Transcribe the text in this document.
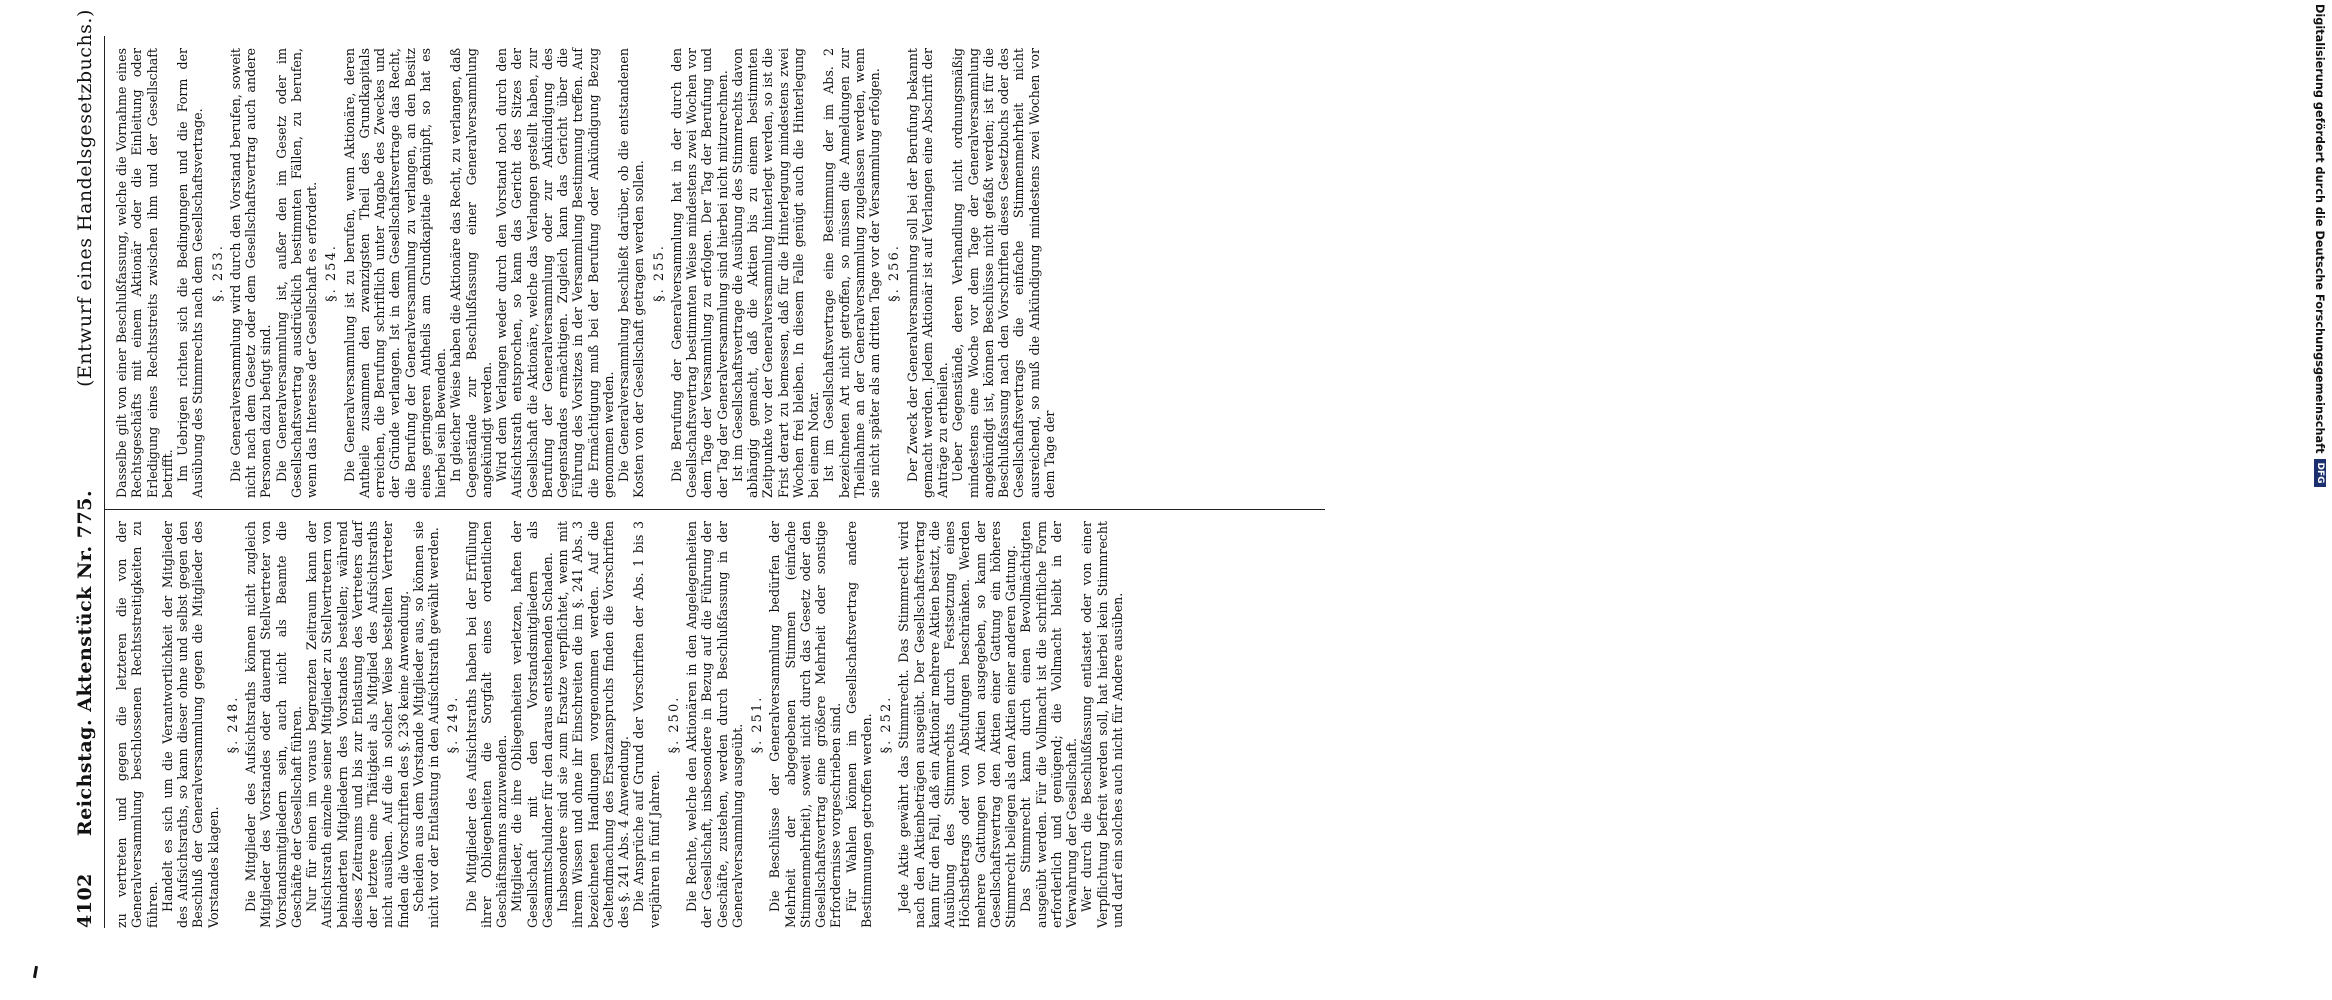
4102
Reichstag. Aktenstück Nr. 775.
(Entwurf eines Handelsgesetzbuchs.)

zu vertreten und gegen die letzteren die von der Generalversammlung beschlossenen Rechtsstreitigkeiten zu führen. Handelt es sich um die Verantwortlichkeit der Mitglieder des Aufsichtsraths, so kann dieser ohne und selbst gegen den Beschluß der Generalversammlung gegen die Mitglieder des Vorstandes klagen.

§. 248. Die Mitglieder des Aufsichtsraths können nicht zugleich Mitglieder des Vorstandes oder dauernd Stellvertreter von Vorstandsmitgliedern sein, auch nicht als Beamte die Geschäfte der Gesellschaft führen. Nur für einen im voraus begrenzten Zeitraum kann der Aufsichtsrath einzelne seiner Mitglieder zu Stellvertretern von behinderten Mitgliedern des Vorstandes bestellen; während dieses Zeitraums und bis zur Entlastung des Vertreters darf der letztere eine Thätigkeit als Mitglied des Aufsichtsraths nicht ausüben. Auf die in solcher Weise bestellten Vertreter finden die Vorschriften des §. 236 keine Anwendung. Scheiden aus dem Vorstande Mitglieder aus, so können sie nicht vor der Entlastung in den Aufsichtsrath gewählt werden. §. 249. Die Mitglieder des Aufsichtsraths haben bei der Erfüllung ihrer Obliegenheiten die Sorgfalt eines ordentlichen Geschäftsmanns anzuwenden. Mitglieder, die ihre Obliegenheiten verletzen, haften der Gesellschaft mit den Vorstandsmitgliedern als Gesammtschuldner für den daraus entstehenden Schaden. Insbesondere sind sie zum Ersatze verpflichtet, wenn mit ihrem Wissen und ohne ihr Einschreiten die im §. 241 Abs. 3 bezeichneten Handlungen vorgenommen werden. Auf die Geltendmachung des Ersatzanspruchs finden die Vorschriften des §. 241 Abs. 4 Anwendung. Die Ansprüche auf Grund der Vorschriften der Abs. 1 bis 3 verjähren in fünf Jahren.

§. 250. Die Rechte, welche den Aktionären in den Angelegenheiten der Gesellschaft, insbesondere in Bezug auf die Führung der Geschäfte, zustehen, werden durch Beschlußfassung in der Generalversammlung ausgeübt. §. 251. Die Beschlüsse der Generalversammlung bedürfen der Mehrheit der abgegebenen Stimmen (einfache Stimmenmehrheit), soweit nicht durch das Gesetz oder den Gesellschaftsvertrag eine größere Mehrheit oder sonstige Erfordernisse vorgeschrieben sind. Für Wahlen können im Gesellschaftsvertrag andere Bestimmungen getroffen werden. §. 252. Jede Aktie gewährt das Stimmrecht. Das Stimmrecht wird nach den Aktienbeträgen ausgeübt. Der Gesellschaftsvertrag kann für den Fall, daß ein Aktionär mehrere Aktien besitzt, die Ausübung des Stimmrechts durch Festsetzung eines Höchstbetrags oder von Abstufungen beschränken. Werden mehrere Gattungen von Aktien ausgegeben, so kann der Gesellschaftsvertrag den Aktien einer Gattung ein höheres Stimmrecht beilegen als den Aktien einer anderen Gattung. Das Stimmrecht kann durch einen Bevollmächtigten ausgeübt werden. Für die Vollmacht ist die schriftliche Form erforderlich und genügend; die Vollmacht bleibt in der Verwahrung der Gesellschaft. Wer durch die Beschlußfassung entlastet oder von einer Verpflichtung befreit werden soll, hat hierbei kein Stimmrecht und darf ein solches auch nicht für Andere ausüben.

Dasselbe gilt von einer Beschlußfassung, welche die Vornahme eines Rechtsgeschäfts mit einem Aktionär oder die Einleitung oder Erledigung eines Rechtsstreits zwischen ihm und der Gesellschaft betrifft. Im Uebrigen richten sich die Bedingungen und die Form der Ausübung des Stimmrechts nach dem Gesellschaftsvertrage. §. 253. Die Generalversammlung wird durch den Vorstand berufen, soweit nicht nach dem Gesetz oder dem Gesellschaftsvertrag auch andere Personen dazu befugt sind. Die Generalversammlung ist, außer den im Gesetz oder im Gesellschaftsvertrag ausdrücklich bestimmten Fällen, zu berufen, wenn das Interesse der Gesellschaft es erfordert. §. 254. Die Generalversammlung ist zu berufen, wenn Aktionäre, deren Antheile zusammen den zwanzigsten Theil des Grundkapitals erreichen, die Berufung schriftlich unter Angabe des Zweckes und der Gründe verlangen. Ist in dem Gesellschaftsvertrage das Recht, die Berufung der Generalversammlung zu verlangen, an den Besitz eines geringeren Antheils am Grundkapitale geknüpft, so hat es hierbei sein Bewenden. In gleicher Weise haben die Aktionäre das Recht, zu verlangen, daß Gegenstände zur Beschlußfassung einer Generalversammlung angekündigt werden. Wird dem Verlangen weder durch den Vorstand noch durch den Aufsichtsrath entsprochen, so kann das Gericht des Sitzes der Gesellschaft die Aktionäre, welche das Verlangen gestellt haben, zur Berufung der Generalversammlung oder zur Ankündigung des Gegenstandes ermächtigen. Zugleich kann das Gericht über die Führung des Vorsitzes in der Versammlung Bestimmung treffen. Auf die Ermächtigung muß bei der Berufung oder Ankündigung Bezug genommen werden. Die Generalversammlung beschließt darüber, ob die entstandenen Kosten von der Gesellschaft getragen werden sollen. §. 255. Die Berufung der Generalversammlung hat in der durch den Gesellschaftsvertrag bestimmten Weise mindestens zwei Wochen vor dem Tage der Versammlung zu erfolgen. Der Tag der Berufung und der Tag der Generalversammlung sind hierbei nicht mitzurechnen. Ist im Gesellschaftsvertrage die Ausübung des Stimmrechts davon abhängig gemacht, daß die Aktien bis zu einem bestimmten Zeitpunkte vor der Generalversammlung hinterlegt werden, so ist die Frist derart zu bemessen, daß für die Hinterlegung mindestens zwei Wochen frei bleiben. In diesem Falle genügt auch die Hinterlegung bei einem Notar. Ist im Gesellschaftsvertrage eine Bestimmung der im Abs. 2 bezeichneten Art nicht getroffen, so müssen die Anmeldungen zur Theilnahme an der Generalversammlung zugelassen werden, wenn sie nicht später als am dritten Tage vor der Versammlung erfolgen. §. 256. Der Zweck der Generalversammlung soll bei der Berufung bekannt gemacht werden. Jedem Aktionär ist auf Verlangen eine Abschrift der Anträge zu ertheilen. Ueber Gegenstände, deren Verhandlung nicht ordnungsmäßig mindestens eine Woche vor dem Tage der Generalversammlung angekündigt ist, können Beschlüsse nicht gefaßt werden; ist für die Beschlußfassung nach den Vorschriften dieses Gesetzbuchs oder des Gesellschaftsvertrags die einfache Stimmenmehrheit nicht ausreichend, so muß die Ankündigung mindestens zwei Wochen vor dem Tage der

Digitalisierung gefördert durch die Deutsche Forschungsgemeinschaft
DFG
